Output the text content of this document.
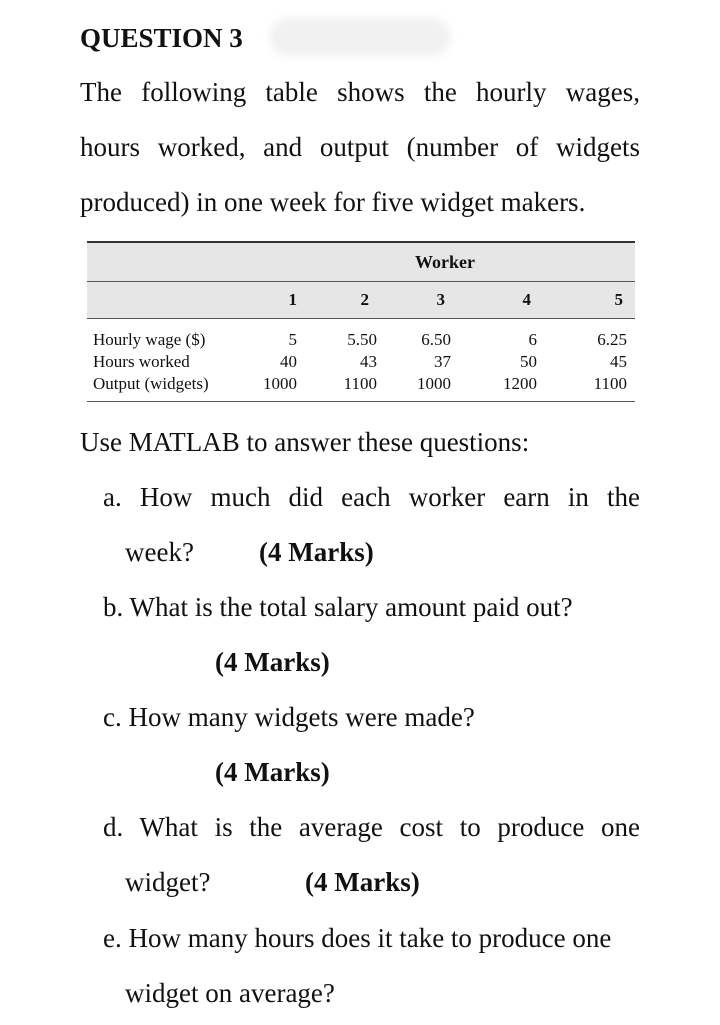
QUESTION 3
The following table shows the hourly wages,
hours worked, and output (number of widgets
produced) in one week for five widget makers.
	Worker				
	1	2	3	4	5

Hourly wage ($)	5	5.50	6.50	6	6.25
Hours worked	40	43	37	50	45
Output (widgets)	1000	1100	1000	1200	1100
Use MATLAB to answer these questions:
a. How much did each worker earn in the
week? (4 Marks)
b. What is the total salary amount paid out?
(4 Marks)
c. How many widgets were made?
(4 Marks)
d. What is the average cost to produce one
widget?	(4 Marks)
e. How many hours does it take to produce one
widget on average?
